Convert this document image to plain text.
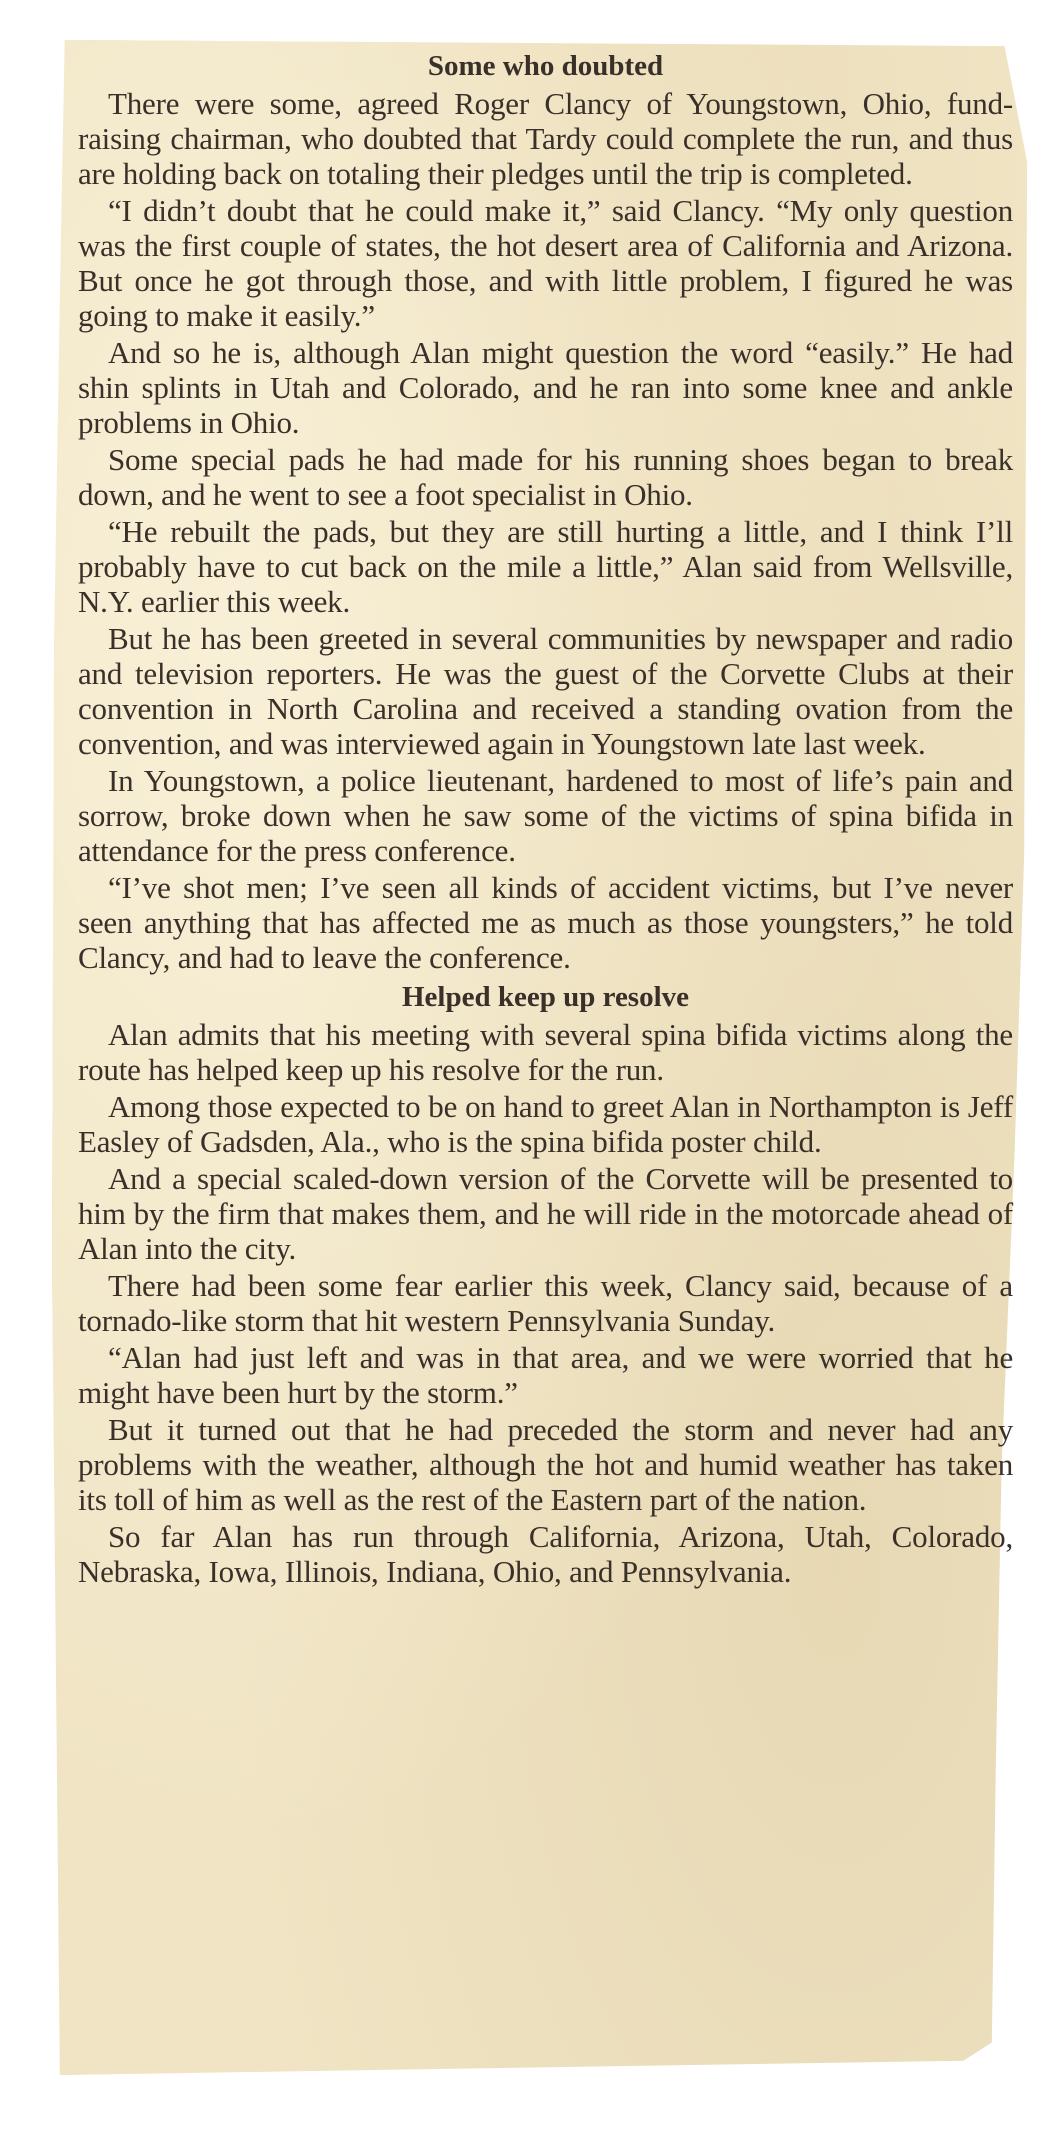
Some who doubted

There were some, agreed Roger Clancy of Youngstown, Ohio, fund-raising chairman, who doubted that Tardy could complete the run, and thus are holding back on totaling their pledges until the trip is completed.

“I didn’t doubt that he could make it,” said Clancy. “My only question was the first couple of states, the hot desert area of California and Arizona. But once he got through those, and with little problem, I figured he was going to make it easily.”

And so he is, although Alan might question the word “easily.” He had shin splints in Utah and Colorado, and he ran into some knee and ankle problems in Ohio.

Some special pads he had made for his running shoes began to break down, and he went to see a foot specialist in Ohio.

“He rebuilt the pads, but they are still hurting a little, and I think I’ll probably have to cut back on the mile a little,” Alan said from Wellsville, N.Y. earlier this week.

But he has been greeted in several communities by newspaper and radio and television reporters. He was the guest of the Corvette Clubs at their convention in North Carolina and received a standing ovation from the convention, and was interviewed again in Youngstown late last week.

In Youngstown, a police lieutenant, hardened to most of life’s pain and sorrow, broke down when he saw some of the victims of spina bifida in attendance for the press conference.

“I’ve shot men; I’ve seen all kinds of accident victims, but I’ve never seen anything that has affected me as much as those youngsters,” he told Clancy, and had to leave the conference.

Helped keep up resolve

Alan admits that his meeting with several spina bifida victims along the route has helped keep up his resolve for the run.

Among those expected to be on hand to greet Alan in Northampton is Jeff Easley of Gadsden, Ala., who is the spina bifida poster child.

And a special scaled-down version of the Corvette will be presented to him by the firm that makes them, and he will ride in the motorcade ahead of Alan into the city.

There had been some fear earlier this week, Clancy said, because of a tornado-like storm that hit western Pennsylvania Sunday.

“Alan had just left and was in that area, and we were worried that he might have been hurt by the storm.”

But it turned out that he had preceded the storm and never had any problems with the weather, although the hot and humid weather has taken its toll of him as well as the rest of the Eastern part of the nation.

So far Alan has run through California, Arizona, Utah, Colorado, Nebraska, Iowa, Illinois, Indiana, Ohio, and Pennsylvania.
